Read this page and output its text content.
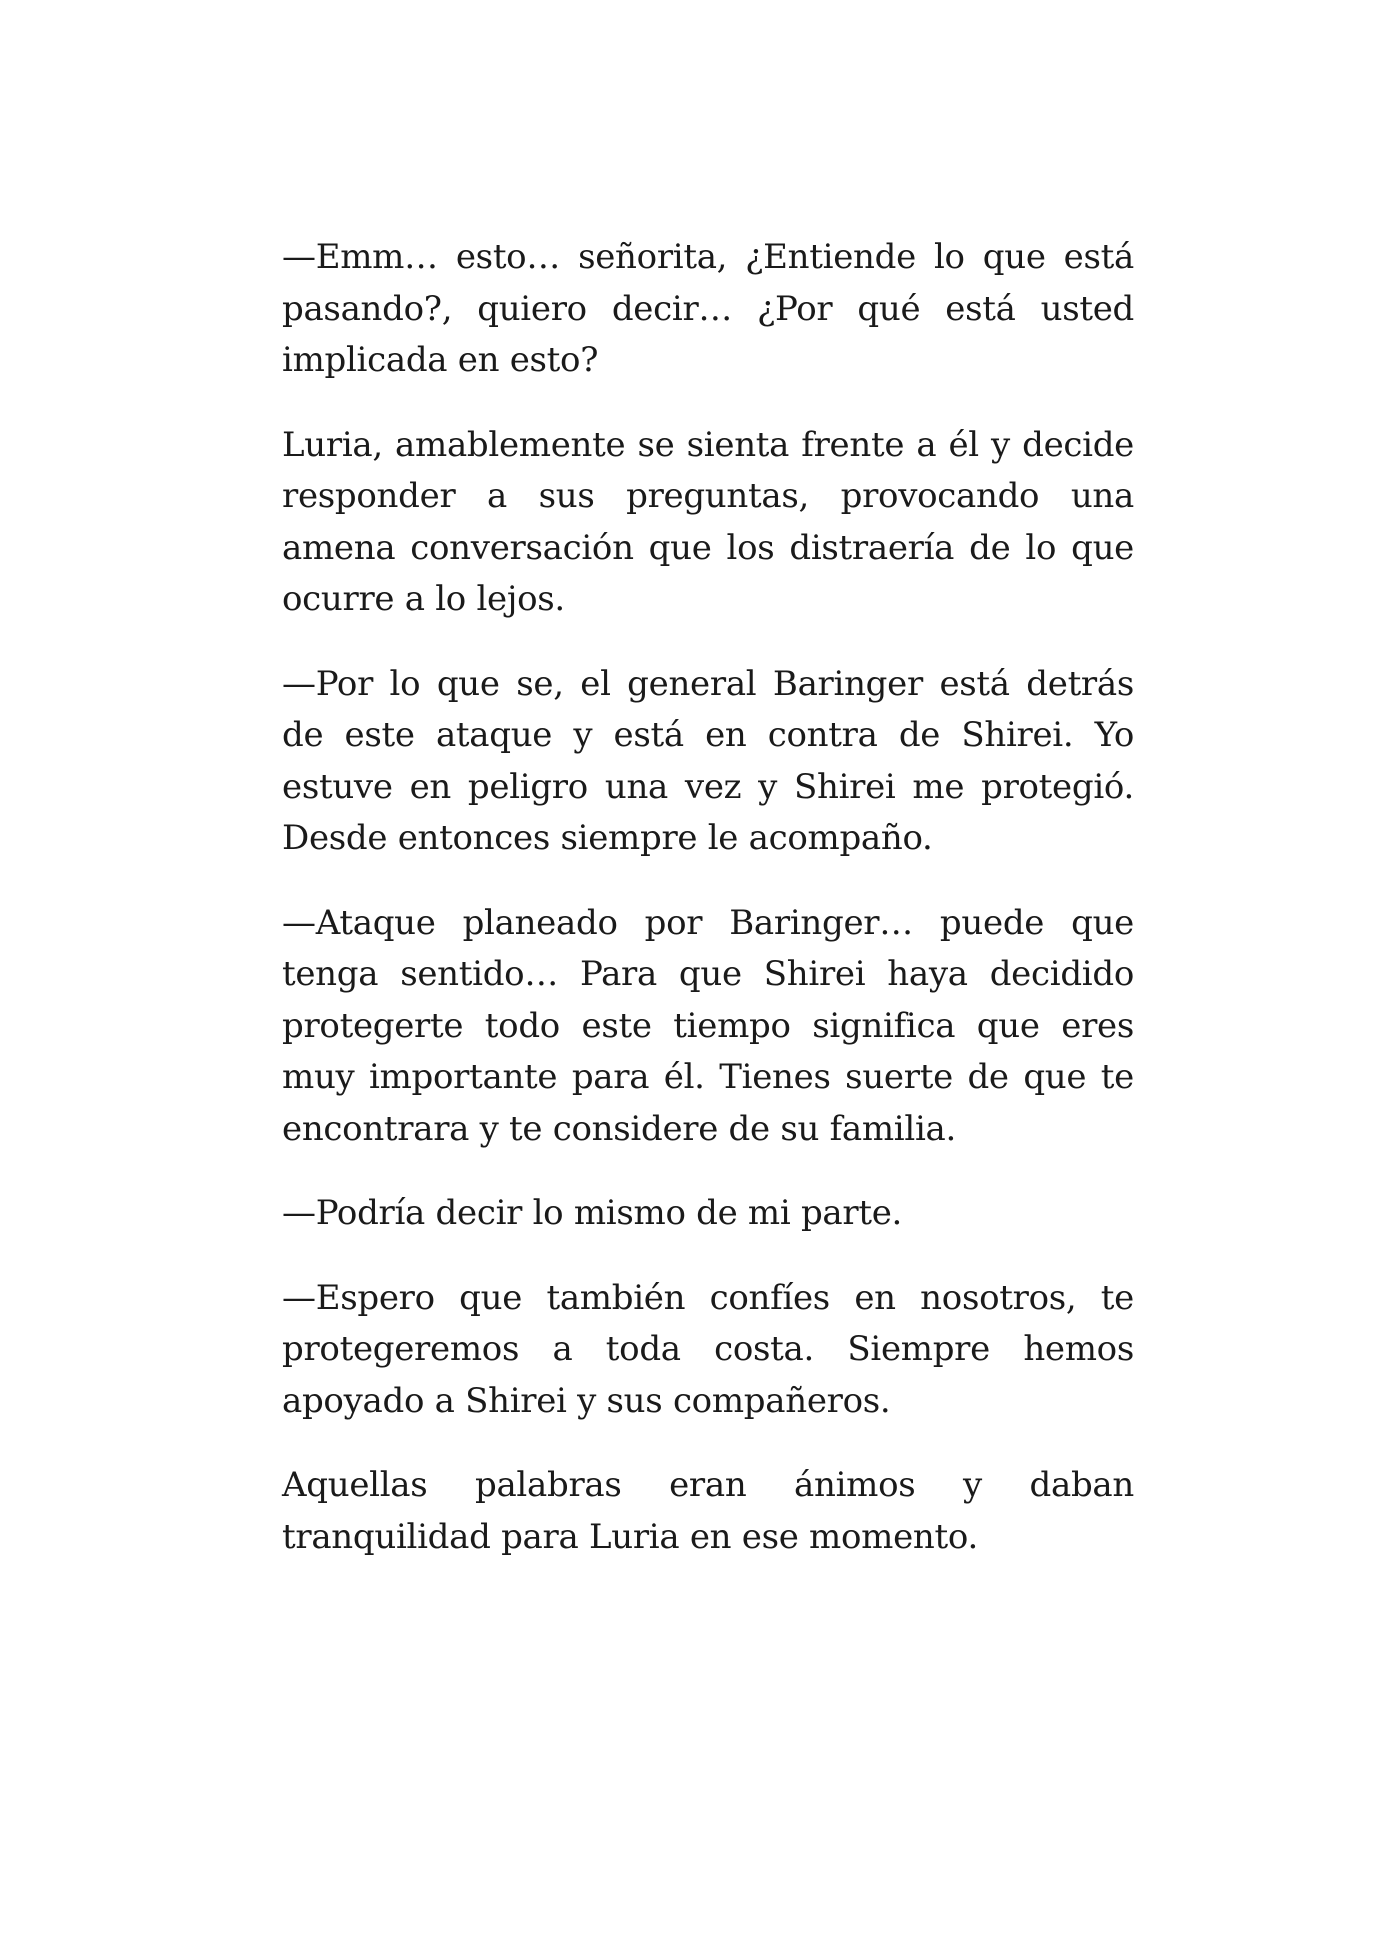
—Emm… esto… señorita, ¿Entiende lo que está pasando?, quiero decir… ¿Por qué está usted implicada en esto?

Luria, amablemente se sienta frente a él y decide responder a sus preguntas, provocando una amena conversación que los distraería de lo que ocurre a lo lejos.

—Por lo que se, el general Baringer está detrás de este ataque y está en contra de Shirei. Yo estuve en peligro una vez y Shirei me protegió. Desde entonces siempre le acompaño.

—Ataque planeado por Baringer… puede que tenga sentido… Para que Shirei haya decidido protegerte todo este tiempo significa que eres muy importante para él. Tienes suerte de que te encontrara y te considere de su familia.

—Podría decir lo mismo de mi parte.

—Espero que también confíes en nosotros, te protegeremos a toda costa. Siempre hemos apoyado a Shirei y sus compañeros.

Aquellas palabras eran ánimos y daban tranquilidad para Luria en ese momento.
